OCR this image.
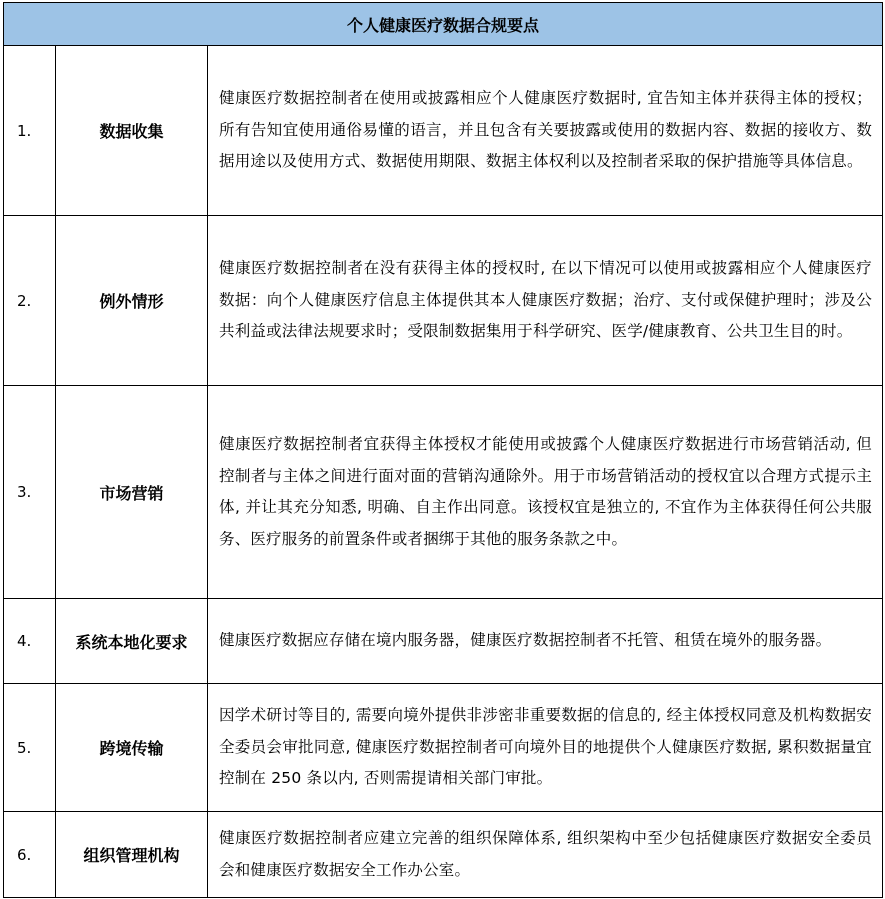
个人健康医疗数据合规要点		
1.	数据收集	健康医疗数据控制者在使用或披露相应个人健康医疗数据时, 宜告知主体并获得主体的授权；所有告知宜使用通俗易懂的语言，并且包含有关要披露或使用的数据内容、数据的接收方、数据用途以及使用方式、数据使用期限、数据主体权利以及控制者采取的保护措施等具体信息。
2.	例外情形	健康医疗数据控制者在没有获得主体的授权时, 在以下情况可以使用或披露相应个人健康医疗数据：向个人健康医疗信息主体提供其本人健康医疗数据；治疗、支付或保健护理时；涉及公共利益或法律法规要求时；受限制数据集用于科学研究、医学/健康教育、公共卫生目的时。
3.	市场营销	健康医疗数据控制者宜获得主体授权才能使用或披露个人健康医疗数据进行市场营销活动, 但控制者与主体之间进行面对面的营销沟通除外。用于市场营销活动的授权宜以合理方式提示主体, 并让其充分知悉, 明确、自主作出同意。该授权宜是独立的, 不宜作为主体获得任何公共服务、医疗服务的前置条件或者捆绑于其他的服务条款之中。
4.	系统本地化要求	健康医疗数据应存储在境内服务器，健康医疗数据控制者不托管、租赁在境外的服务器。
5.	跨境传输	因学术研讨等目的, 需要向境外提供非涉密非重要数据的信息的, 经主体授权同意及机构数据安全委员会审批同意, 健康医疗数据控制者可向境外目的地提供个人健康医疗数据, 累积数据量宜控制在 250 条以内, 否则需提请相关部门审批。
6.	组织管理机构	健康医疗数据控制者应建立完善的组织保障体系, 组织架构中至少包括健康医疗数据安全委员会和健康医疗数据安全工作办公室。
